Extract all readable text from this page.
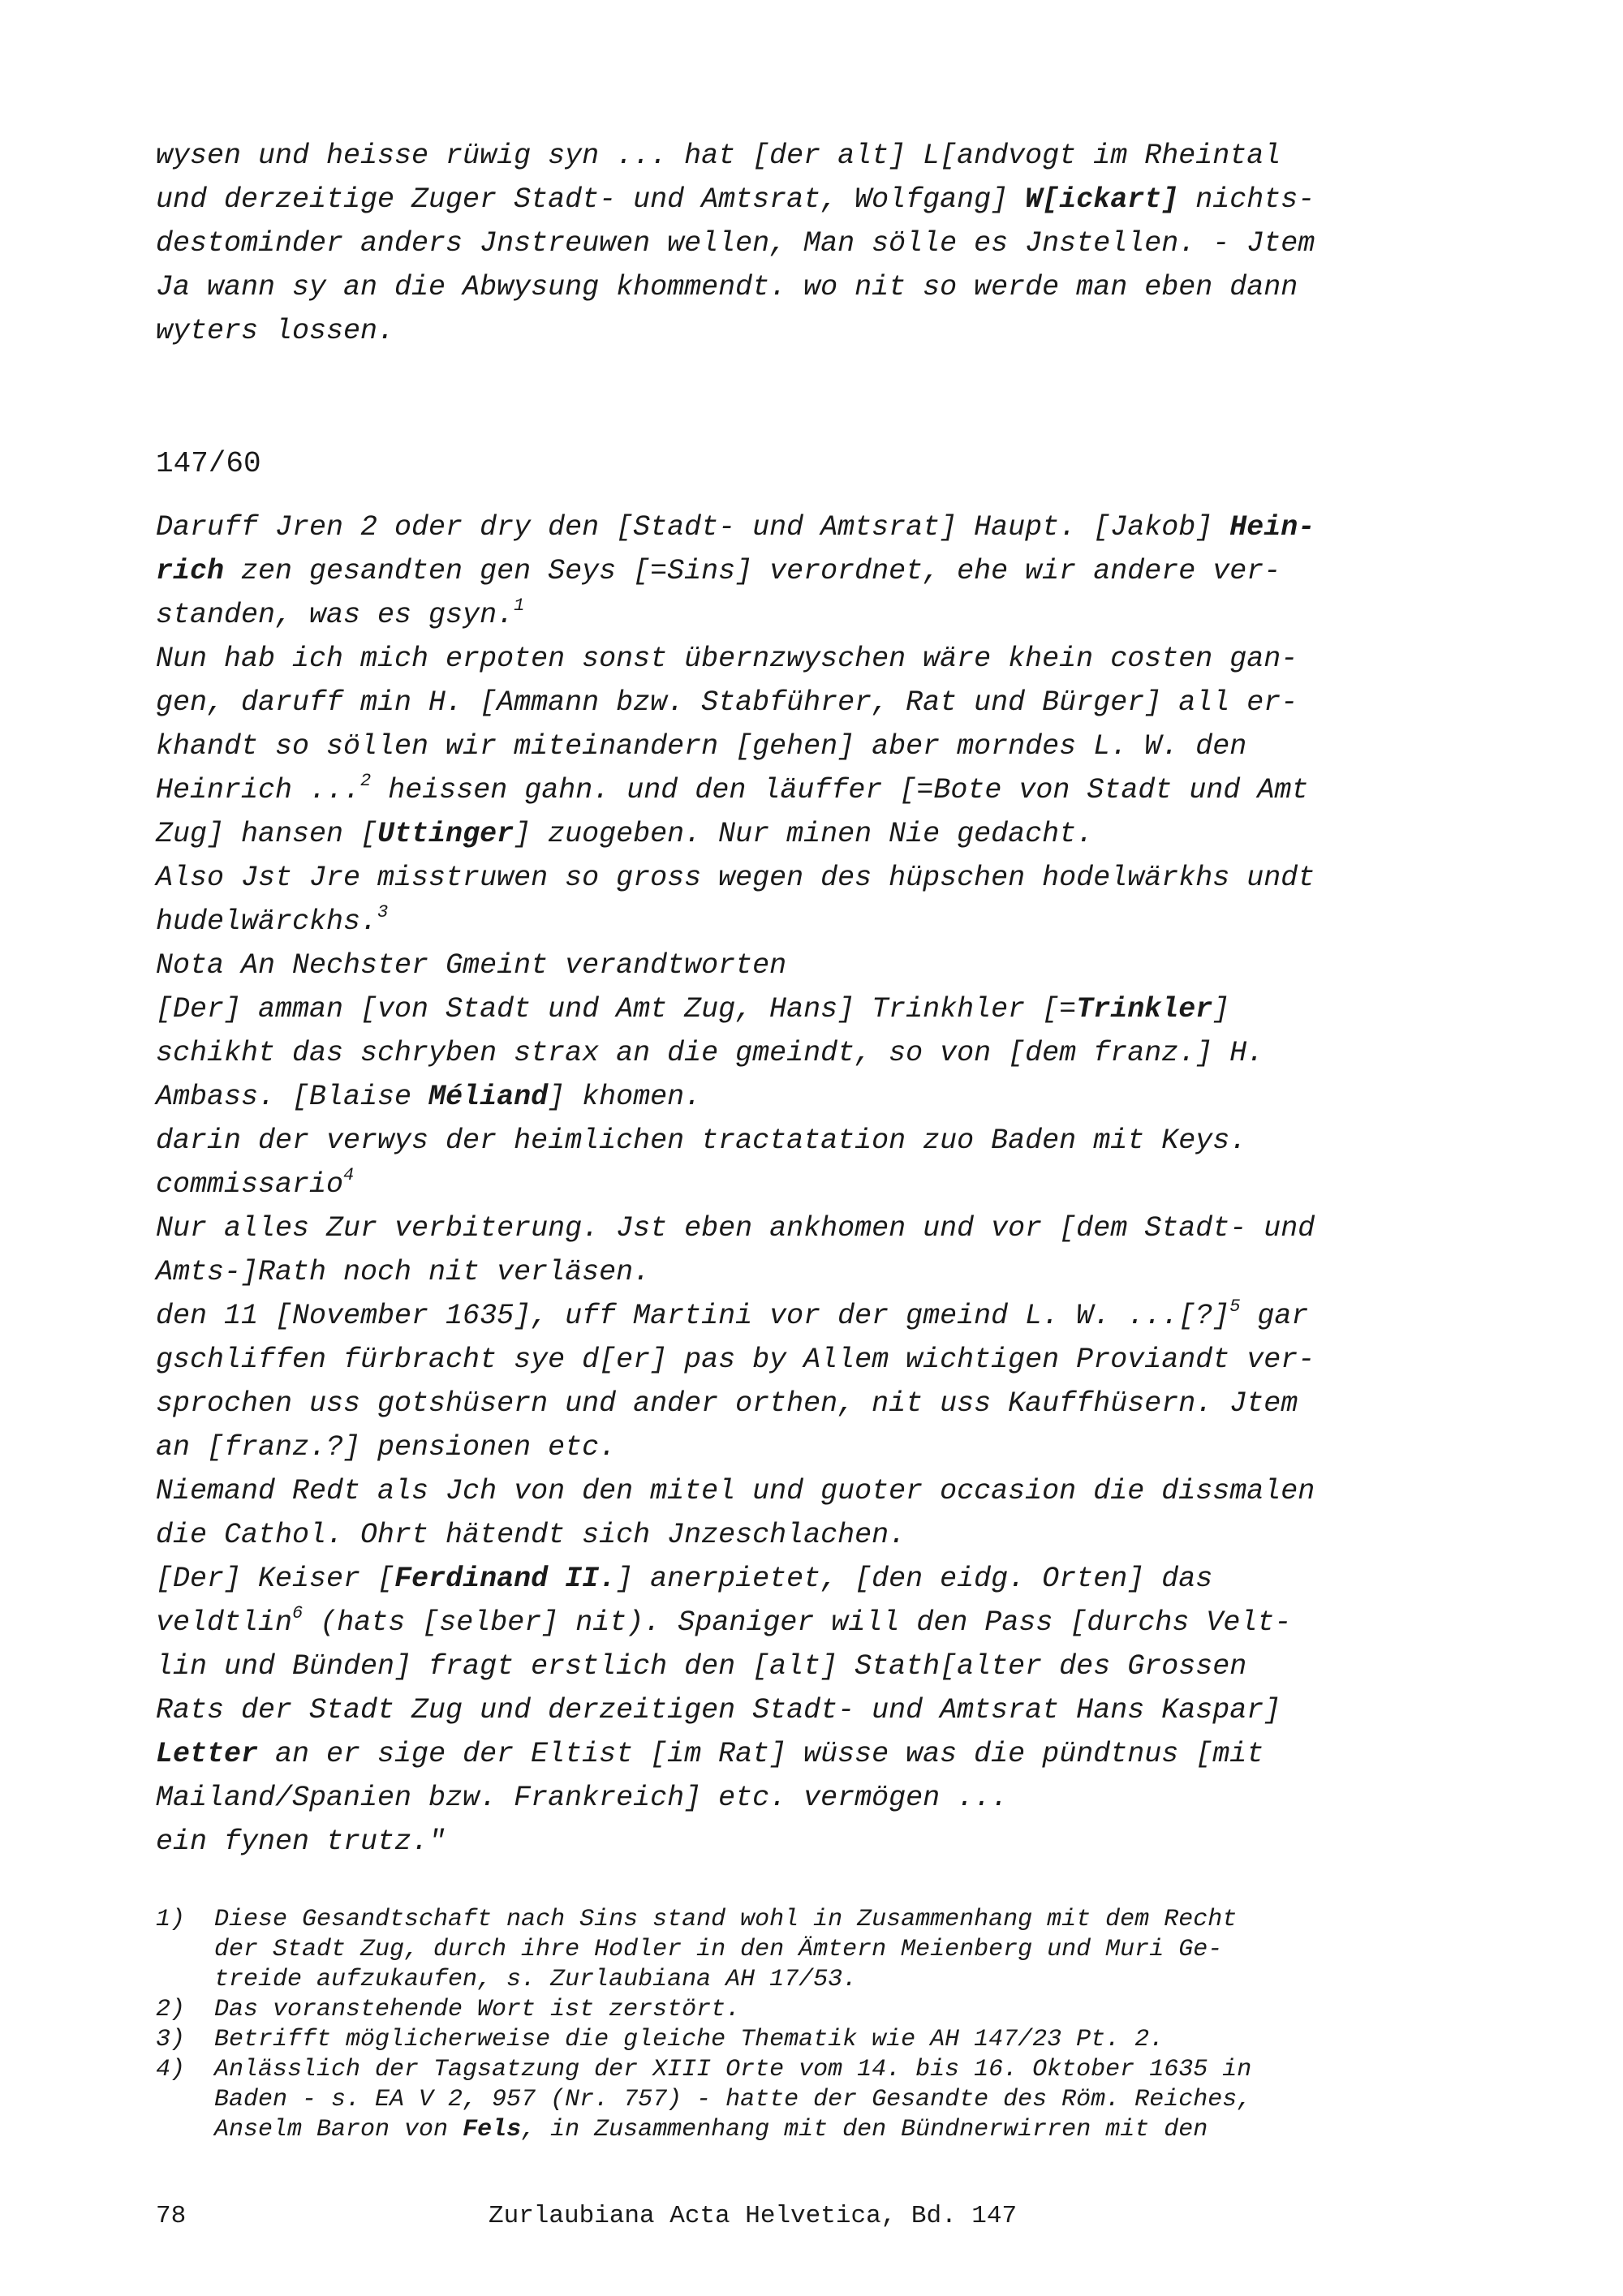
wysen und heisse rüwig syn ... hat [der alt] L[andvogt im Rheintal
und derzeitige Zuger Stadt- und Amtsrat, Wolfgang] W[ickart] nichts-
destominder anders Jnstreuwen wellen, Man sölle es Jnstellen. - Jtem
Ja wann sy an die Abwysung khommendt. wo nit so werde man eben dann
wyters lossen.
147/60
Daruff Jren 2 oder dry den [Stadt- und Amtsrat] Haupt. [Jakob] Hein-
rich zen gesandten gen Seys [=Sins] verordnet, ehe wir andere ver-
standen, was es gsyn.$^1$
Nun hab ich mich erpoten sonst übernzwyschen wäre khein costen gan-
gen, daruff min H. [Ammann bzw. Stabführer, Rat und Bürger] all er-
khandt so söllen wir miteinandern [gehen] aber morndes L. W. den
Heinrich ...$^2$ heissen gahn. und den läuffer [=Bote von Stadt und Amt
Zug] hansen [Uttinger] zuogeben. Nur minen Nie gedacht.
Also Jst Jre misstruwen so gross wegen des hüpschen hodelwärkhs undt
hudelwärckhs.$^3$
Nota An Nechster Gmeint verandtworten
[Der] amman [von Stadt und Amt Zug, Hans] Trinkhler [=Trinkler]
schikht das schryben strax an die gmeindt, so von [dem franz.] H.
Ambass. [Blaise Méliand] khomen.
darin der verwys der heimlichen tractatation zuo Baden mit Keys.
commissario$^4$
Nur alles Zur verbiterung. Jst eben ankhomen und vor [dem Stadt- und
Amts-]Rath noch nit verläsen.
den 11 [November 1635], uff Martini vor der gmeind L. W. ...[?]$^5$ gar
gschliffen fürbracht sye d[er] pas by Allem wichtigen Proviandt ver-
sprochen uss gotshüsern und ander orthen, nit uss Kauffhüsern. Jtem
an [franz.?] pensionen etc.
Niemand Redt als Jch von den mitel und guoter occasion die dissmalen
die Cathol. Ohrt hätendt sich Jnzeschlachen.
[Der] Keiser [Ferdinand II.] anerpietet, [den eidg. Orten] das
veldtlin$^6$ (hats [selber] nit). Spaniger will den Pass [durchs Velt-
lin und Bünden] fragt erstlich den [alt] Stath[alter des Grossen
Rats der Stadt Zug und derzeitigen Stadt- und Amtsrat Hans Kaspar]
Letter an er sige der Eltist [im Rat] wüsse was die pündtnus [mit
Mailand/Spanien bzw. Frankreich] etc. vermögen ...
ein fynen trutz."
1)	Diese Gesandtschaft nach Sins stand wohl in Zusammenhang mit dem Recht
der Stadt Zug, durch ihre Hodler in den Ämtern Meienberg und Muri Ge-
treide aufzukaufen, s. Zurlaubiana AH 17/53.
2)	Das voranstehende Wort ist zerstört.
3)	Betrifft möglicherweise die gleiche Thematik wie AH 147/23 Pt. 2.
4)	Anlässlich der Tagsatzung der XIII Orte vom 14. bis 16. Oktober 1635 in
Baden - s. EA V 2, 957 (Nr. 757) - hatte der Gesandte des Röm. Reiches,
Anselm Baron von Fels, in Zusammenhang mit den Bündnerwirren mit den
78	Zurlaubiana Acta Helvetica, Bd. 147
